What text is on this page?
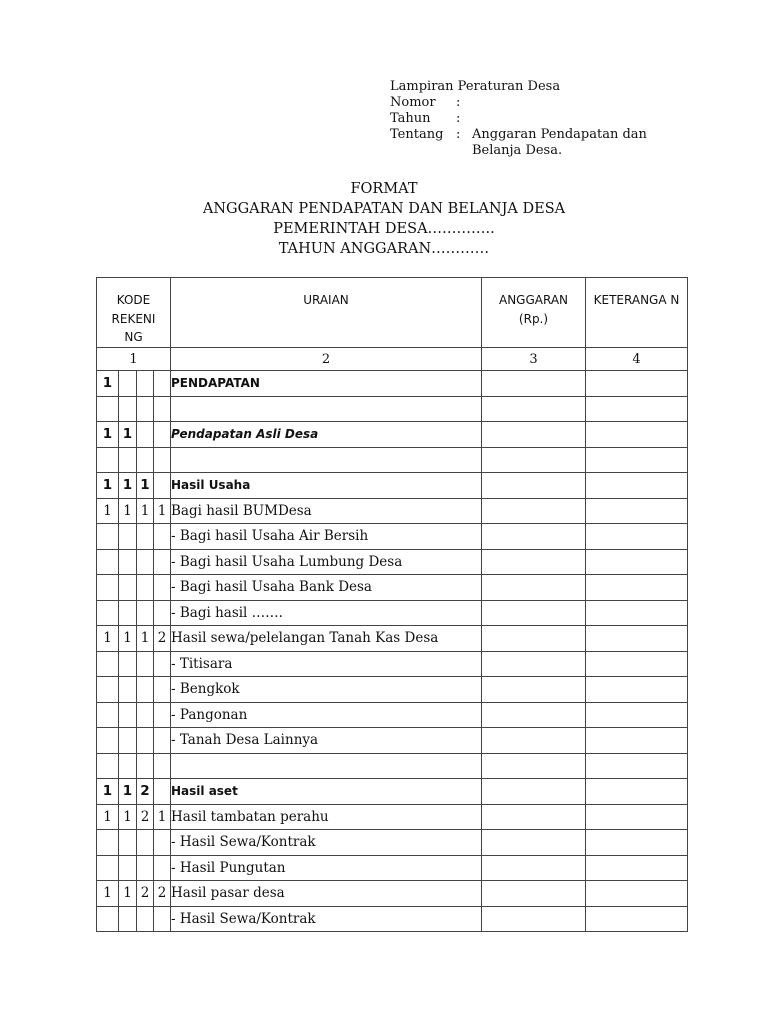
Lampiran Peraturan Desa
Nomor	:
Tahun	:
Tentang : Anggaran Pendapatan dan
Belanja Desa.
FORMAT
ANGGARAN PENDAPATAN DAN BELANJA DESA
PEMERINTAH DESA…………..
TAHUN ANGGARAN…………
KODE REKENI NG				URAIAN	ANGGARAN (Rp.)	KETERANGA N
1				2	3	4
1				PENDAPATAN		

1	1			Pendapatan Asli Desa		

1	1	1		Hasil Usaha		
1	1	1	1	Bagi hasil BUMDesa		
				- Bagi hasil Usaha Air Bersih		
				- Bagi hasil Usaha Lumbung Desa		
				- Bagi hasil Usaha Bank Desa		
				- Bagi hasil …….		
1	1	1	2	Hasil sewa/pelelangan Tanah Kas Desa		
				- Titisara		
				- Bengkok		
				- Pangonan		
				- Tanah Desa Lainnya		

1	1	2		Hasil aset		
1	1	2	1	Hasil tambatan perahu		
				- Hasil Sewa/Kontrak		
				- Hasil Pungutan		
1	1	2	2	Hasil pasar desa		
				- Hasil Sewa/Kontrak		
